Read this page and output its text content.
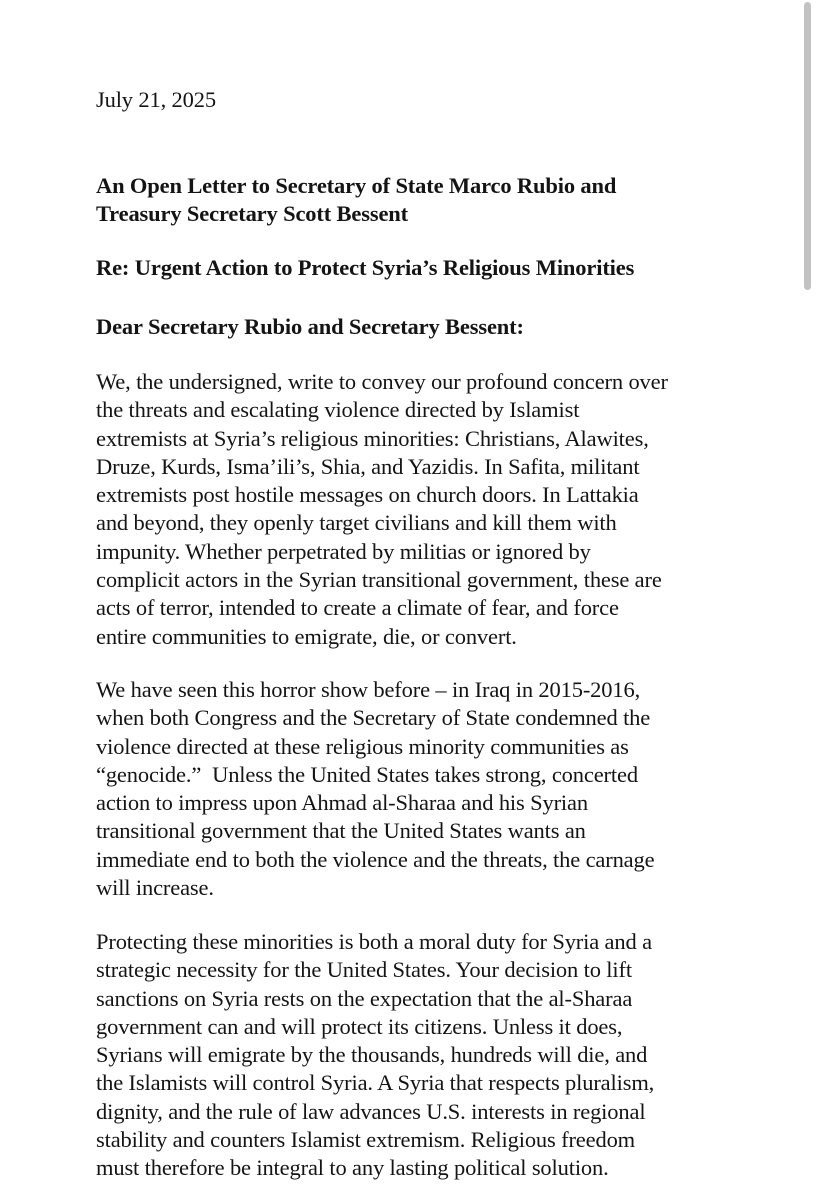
July 21, 2025

An Open Letter to Secretary of State Marco Rubio and
Treasury Secretary Scott Bessent

Re: Urgent Action to Protect Syria’s Religious Minorities

Dear Secretary Rubio and Secretary Bessent:

We, the undersigned, write to convey our profound concern over
the threats and escalating violence directed by Islamist
extremists at Syria’s religious minorities: Christians, Alawites,
Druze, Kurds, Isma’ili’s, Shia, and Yazidis. In Safita, militant
extremists post hostile messages on church doors. In Lattakia
and beyond, they openly target civilians and kill them with
impunity. Whether perpetrated by militias or ignored by
complicit actors in the Syrian transitional government, these are
acts of terror, intended to create a climate of fear, and force
entire communities to emigrate, die, or convert.

We have seen this horror show before – in Iraq in 2015-2016,
when both Congress and the Secretary of State condemned the
violence directed at these religious minority communities as
“genocide.”  Unless the United States takes strong, concerted
action to impress upon Ahmad al-Sharaa and his Syrian
transitional government that the United States wants an
immediate end to both the violence and the threats, the carnage
will increase.

Protecting these minorities is both a moral duty for Syria and a
strategic necessity for the United States. Your decision to lift
sanctions on Syria rests on the expectation that the al-Sharaa
government can and will protect its citizens. Unless it does,
Syrians will emigrate by the thousands, hundreds will die, and
the Islamists will control Syria. A Syria that respects pluralism,
dignity, and the rule of law advances U.S. interests in regional
stability and counters Islamist extremism. Religious freedom
must therefore be integral to any lasting political solution.
